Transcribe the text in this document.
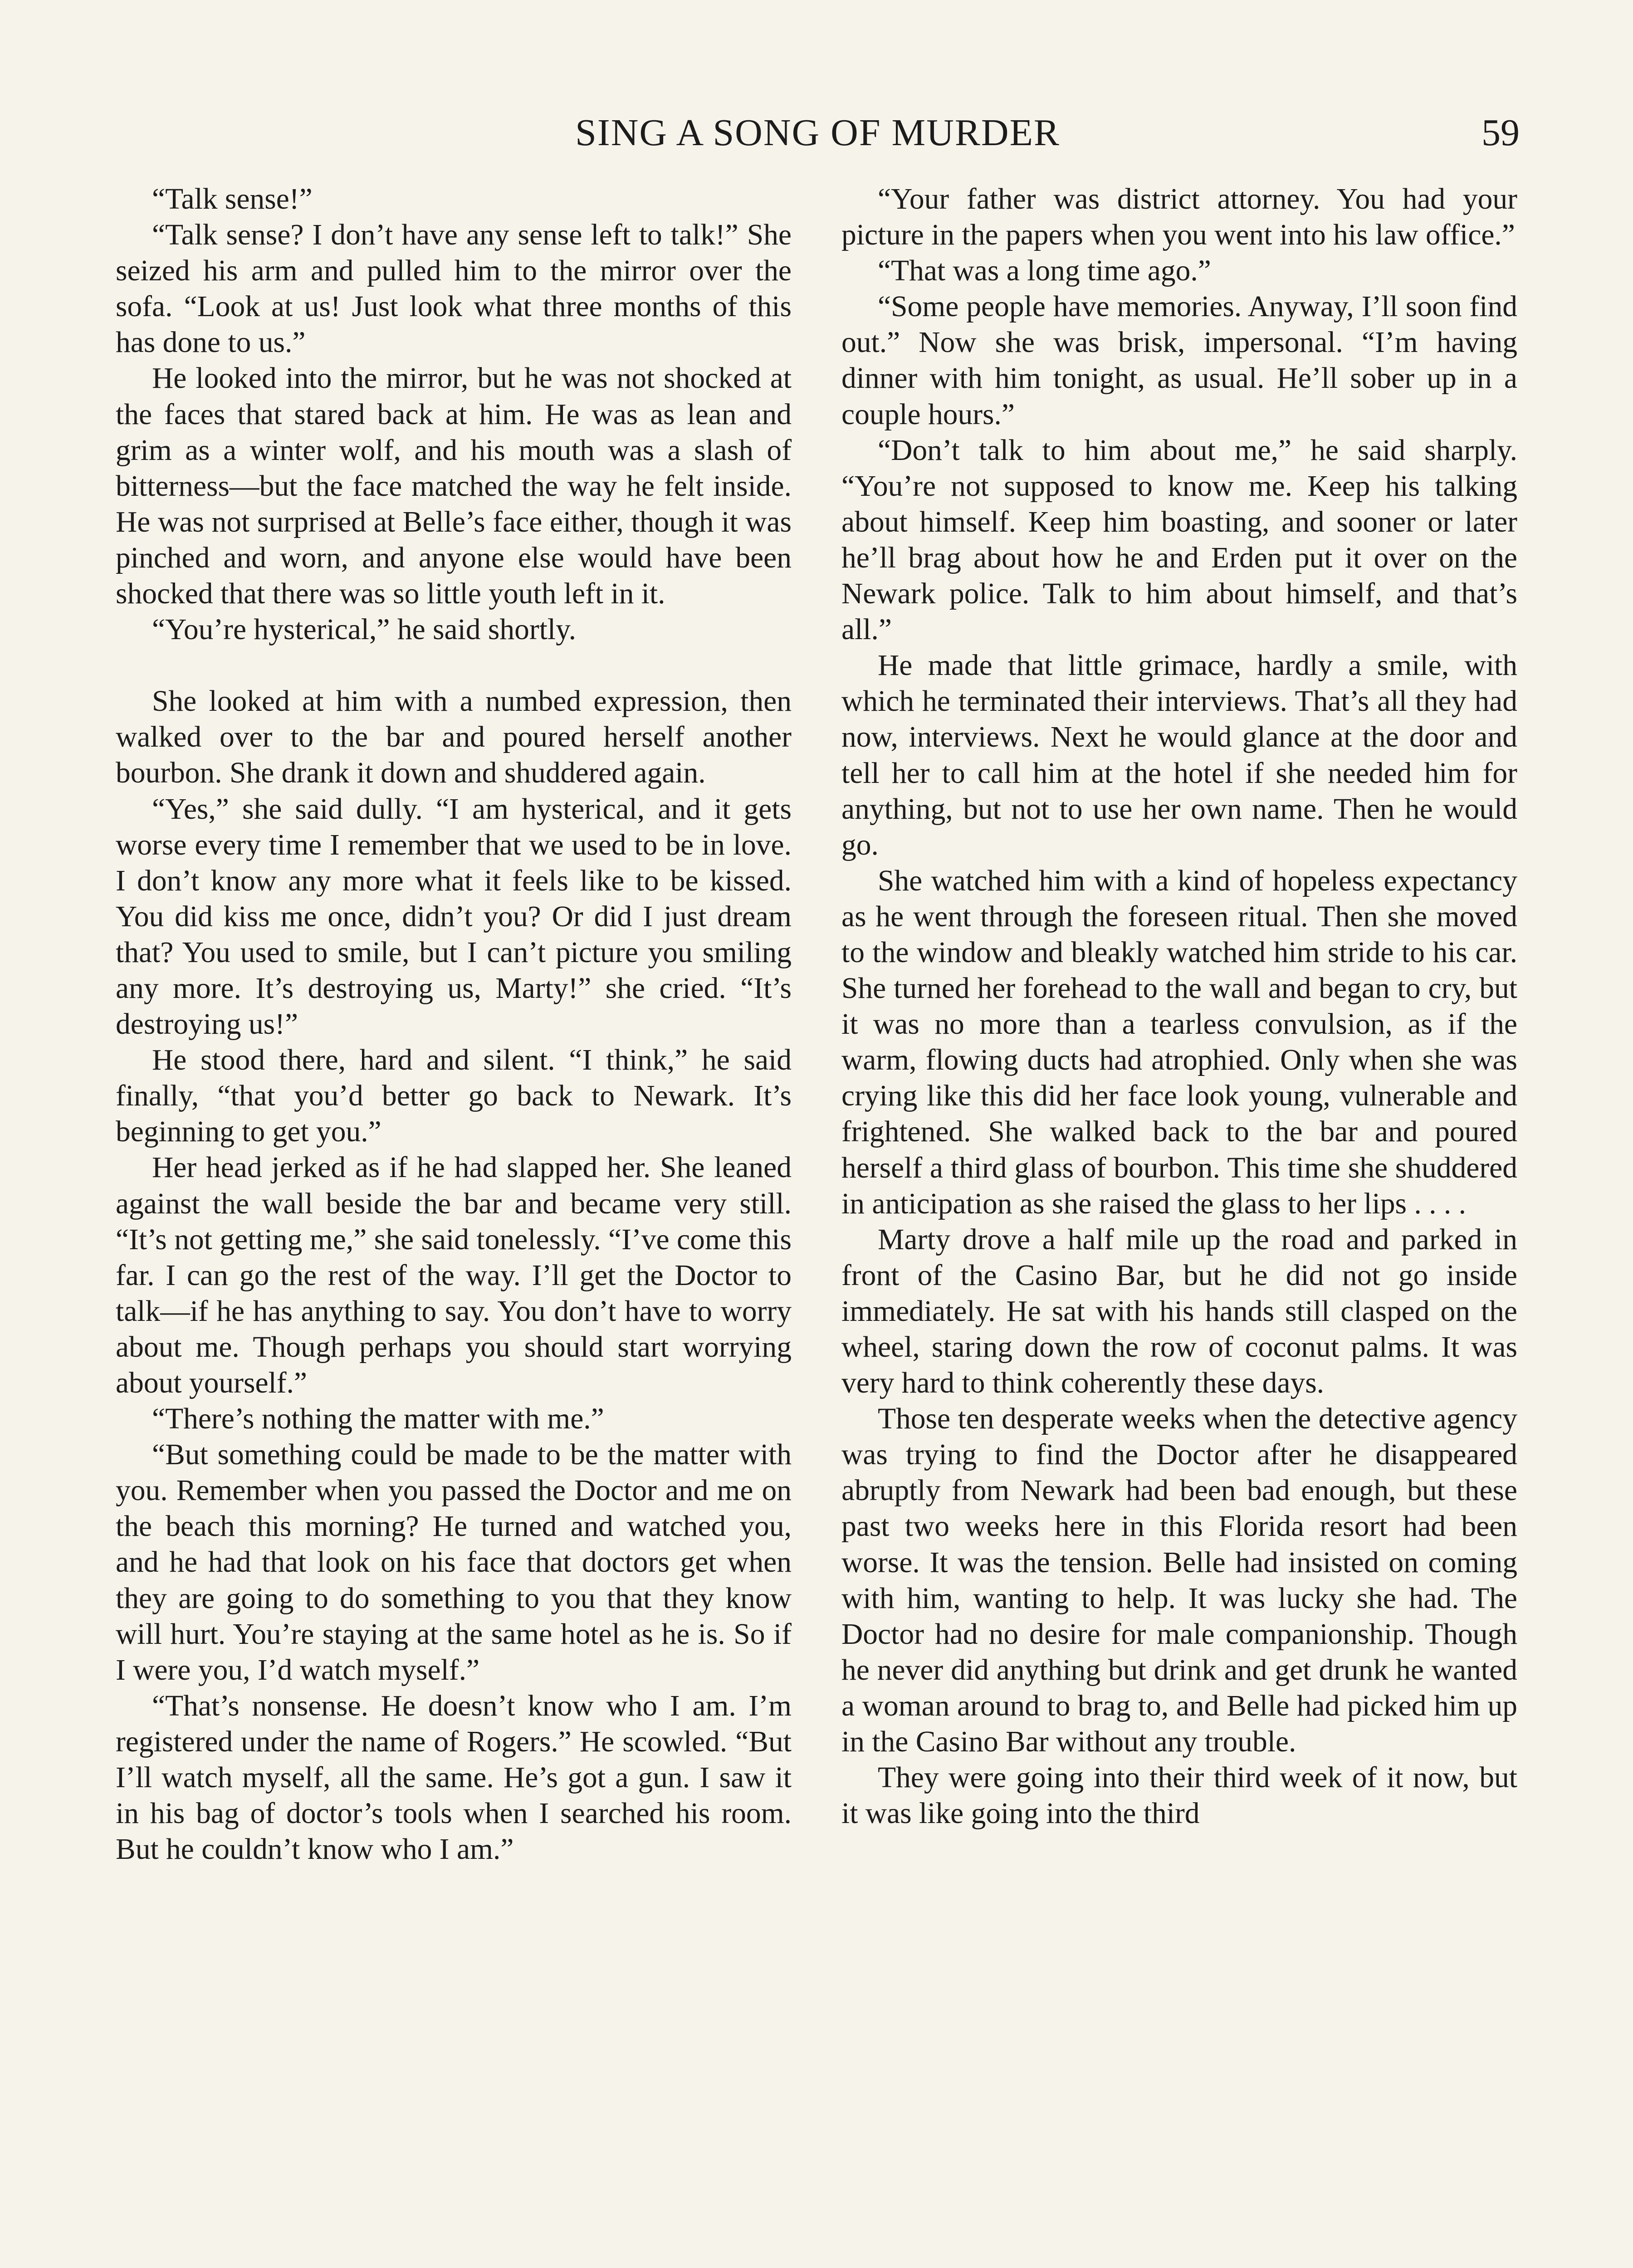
SING A SONG OF MURDER	59

“Talk sense!”

“Talk sense? I don’t have any sense left to talk!” She seized his arm and pulled him to the mirror over the sofa. “Look at us! Just look what three months of this has done to us.”

He looked into the mirror, but he was not shocked at the faces that stared back at him. He was as lean and grim as a winter wolf, and his mouth was a slash of bitterness—but the face matched the way he felt inside. He was not surprised at Belle’s face either, though it was pinched and worn, and anyone else would have been shocked that there was so little youth left in it.

“You’re hysterical,” he said shortly.

She looked at him with a numbed expression, then walked over to the bar and poured herself another bourbon. She drank it down and shuddered again.

“Yes,” she said dully. “I am hysterical, and it gets worse every time I remember that we used to be in love. I don’t know any more what it feels like to be kissed. You did kiss me once, didn’t you? Or did I just dream that? You used to smile, but I can’t picture you smiling any more. It’s destroying us, Marty!” she cried. “It’s destroying us!”

He stood there, hard and silent. “I think,” he said finally, “that you’d better go back to Newark. It’s beginning to get you.”

Her head jerked as if he had slapped her. She leaned against the wall beside the bar and became very still. “It’s not getting me,” she said tonelessly. “I’ve come this far. I can go the rest of the way. I’ll get the Doctor to talk—if he has anything to say. You don’t have to worry about me. Though perhaps you should start worrying about yourself.”

“There’s nothing the matter with me.”

“But something could be made to be the matter with you. Remember when you passed the Doctor and me on the beach this morning? He turned and watched you, and he had that look on his face that doctors get when they are going to do something to you that they know will hurt. You’re staying at the same hotel as he is. So if I were you, I’d watch myself.”

“That’s nonsense. He doesn’t know who I am. I’m registered under the name of Rogers.” He scowled. “But I’ll watch myself, all the same. He’s got a gun. I saw it in his bag of doctor’s tools when I searched his room. But he couldn’t know who I am.”

“Your father was district attorney. You had your picture in the papers when you went into his law office.”

“That was a long time ago.”

“Some people have memories. Anyway, I’ll soon find out.” Now she was brisk, impersonal. “I’m having dinner with him tonight, as usual. He’ll sober up in a couple hours.”

“Don’t talk to him about me,” he said sharply. “You’re not supposed to know me. Keep his talking about himself. Keep him boasting, and sooner or later he’ll brag about how he and Erden put it over on the Newark police. Talk to him about himself, and that’s all.”

He made that little grimace, hardly a smile, with which he terminated their interviews. That’s all they had now, interviews. Next he would glance at the door and tell her to call him at the hotel if she needed him for anything, but not to use her own name. Then he would go.

She watched him with a kind of hopeless expectancy as he went through the foreseen ritual. Then she moved to the window and bleakly watched him stride to his car. She turned her forehead to the wall and began to cry, but it was no more than a tearless convulsion, as if the warm, flowing ducts had atrophied. Only when she was crying like this did her face look young, vulnerable and frightened. She walked back to the bar and poured herself a third glass of bourbon. This time she shuddered in anticipation as she raised the glass to her lips . . . .

Marty drove a half mile up the road and parked in front of the Casino Bar, but he did not go inside immediately. He sat with his hands still clasped on the wheel, staring down the row of coconut palms. It was very hard to think coherently these days.

Those ten desperate weeks when the detective agency was trying to find the Doctor after he disappeared abruptly from Newark had been bad enough, but these past two weeks here in this Florida resort had been worse. It was the tension. Belle had insisted on coming with him, wanting to help. It was lucky she had. The Doctor had no desire for male companionship. Though he never did anything but drink and get drunk he wanted a woman around to brag to, and Belle had picked him up in the Casino Bar without any trouble.

They were going into their third week of it now, but it was like going into the third
